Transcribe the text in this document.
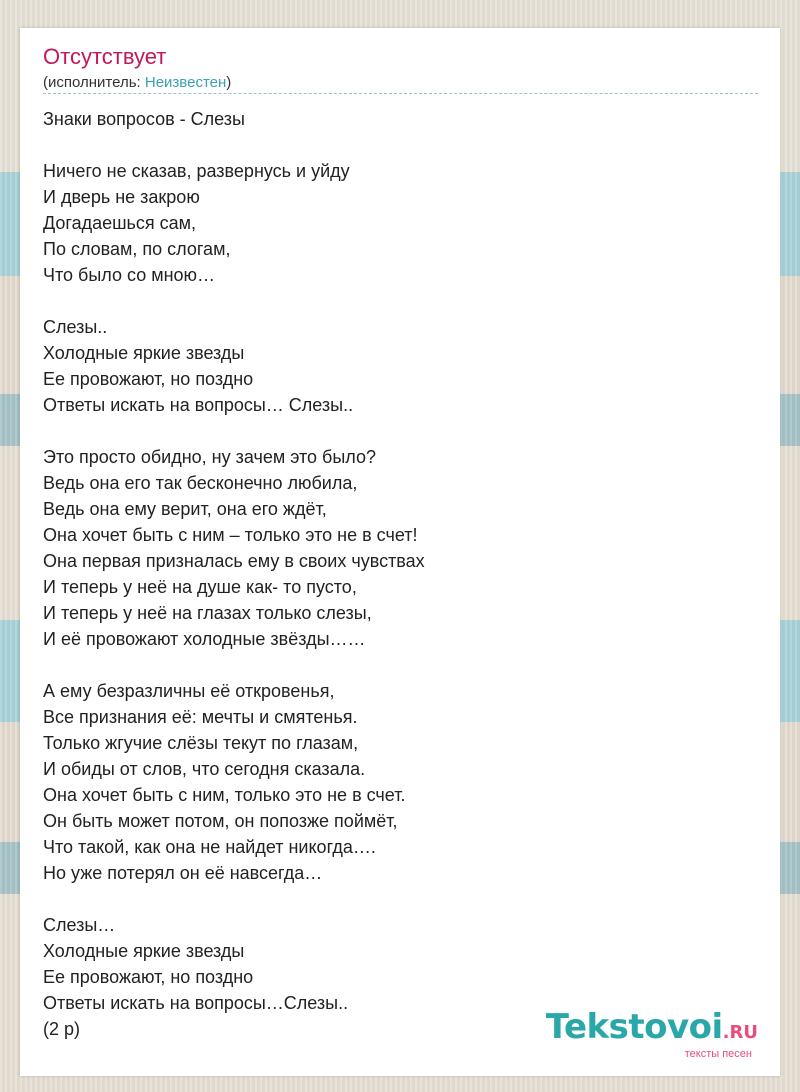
Отсутствует
(исполнитель: Неизвестен)
Знаки вопросов - Слезы

Ничего не сказав, развернусь и уйду
И дверь не закрою
Догадаешься сам,
По словам, по слогам,
Что было со мною…

Слезы..
Холодные яркие звезды
Ее провожают, но поздно
Ответы искать на вопросы… Слезы..

Это просто обидно, ну зачем это было?
Ведь она его так бесконечно любила,
Ведь она ему верит, она его ждёт,
Она хочет быть с ним – только это не в счет!
Она первая призналась ему в своих чувствах
И теперь у неё на душе как- то пусто,
И теперь у неё на глазах только слезы,
И её провожают холодные звёзды……

А ему безразличны её откровенья,
Все признания её: мечты и смятенья.
Только жгучие слёзы текут по глазам,
И обиды от слов, что сегодня сказала.
Она хочет быть с ним, только это не в счет.
Он быть может потом, он попозже поймёт,
Что такой, как она не найдет никогда….
Но уже потерял он её навсегда…

Слезы…
Холодные яркие звезды
Ее провожают, но поздно
Ответы искать на вопросы…Слезы..
(2 р)	Tekstovoi.RU
тексты песен
